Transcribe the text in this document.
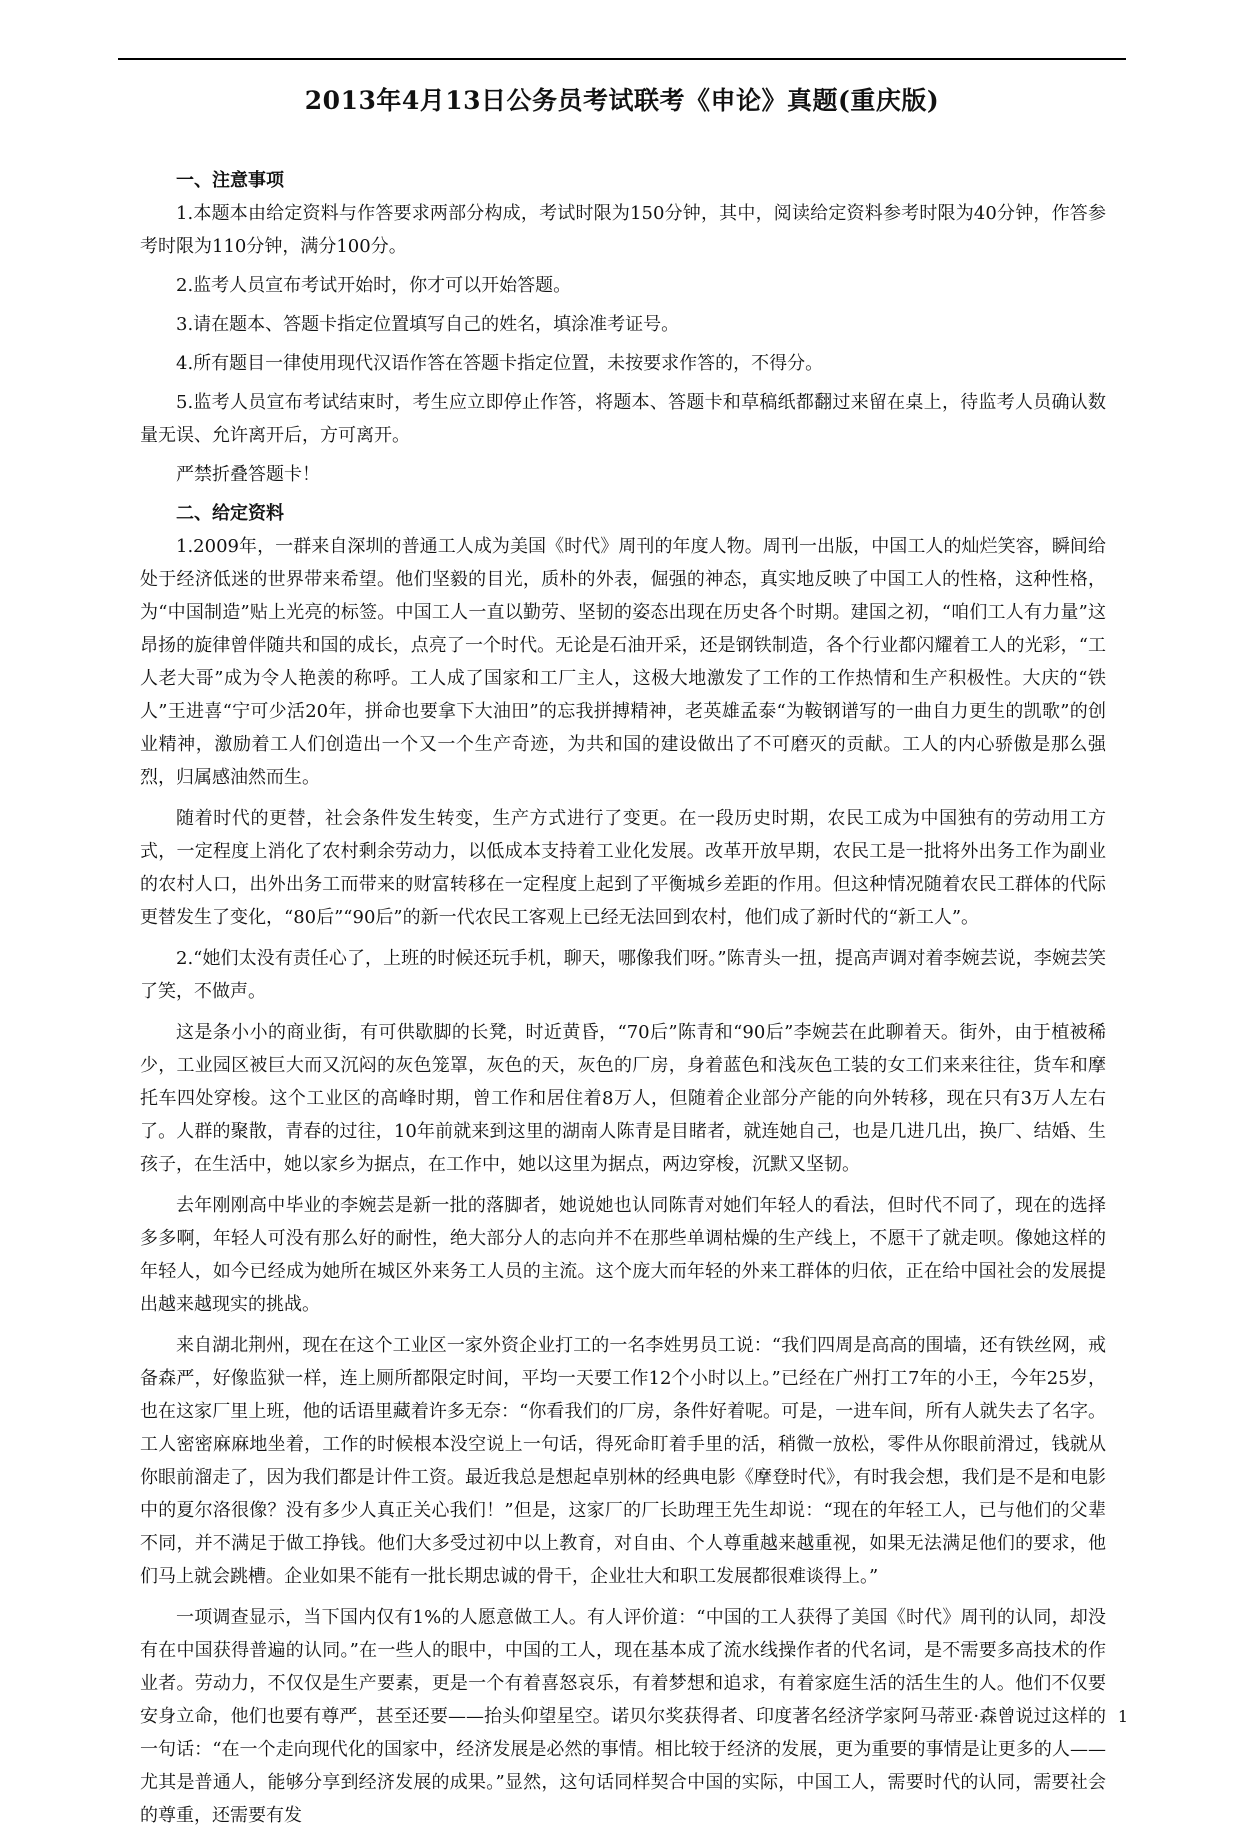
2013年4月13日公务员考试联考《申论》真题(重庆版)

一、注意事项

1.本题本由给定资料与作答要求两部分构成，考试时限为150分钟，其中，阅读给定资料参考时限为40分钟，作答参考时限为110分钟，满分100分。

2.监考人员宣布考试开始时，你才可以开始答题。

3.请在题本、答题卡指定位置填写自己的姓名，填涂准考证号。

4.所有题目一律使用现代汉语作答在答题卡指定位置，未按要求作答的，不得分。

5.监考人员宣布考试结束时，考生应立即停止作答，将题本、答题卡和草稿纸都翻过来留在桌上，待监考人员确认数量无误、允许离开后，方可离开。

严禁折叠答题卡！

二、给定资料

1.2009年，一群来自深圳的普通工人成为美国《时代》周刊的年度人物。周刊一出版，中国工人的灿烂笑容，瞬间给处于经济低迷的世界带来希望。他们坚毅的目光，质朴的外表，倔强的神态，真实地反映了中国工人的性格，这种性格，为“中国制造”贴上光亮的标签。中国工人一直以勤劳、坚韧的姿态出现在历史各个时期。建国之初，“咱们工人有力量”这昂扬的旋律曾伴随共和国的成长，点亮了一个时代。无论是石油开采，还是钢铁制造，各个行业都闪耀着工人的光彩，“工人老大哥”成为令人艳羡的称呼。工人成了国家和工厂主人，这极大地激发了工作的工作热情和生产积极性。大庆的“铁人”王进喜“宁可少活20年，拼命也要拿下大油田”的忘我拼搏精神，老英雄孟泰“为鞍钢谱写的一曲自力更生的凯歌”的创业精神，激励着工人们创造出一个又一个生产奇迹，为共和国的建设做出了不可磨灭的贡献。工人的内心骄傲是那么强烈，归属感油然而生。

随着时代的更替，社会条件发生转变，生产方式进行了变更。在一段历史时期，农民工成为中国独有的劳动用工方式，一定程度上消化了农村剩余劳动力，以低成本支持着工业化发展。改革开放早期，农民工是一批将外出务工作为副业的农村人口，出外出务工而带来的财富转移在一定程度上起到了平衡城乡差距的作用。但这种情况随着农民工群体的代际更替发生了变化，“80后”“90后”的新一代农民工客观上已经无法回到农村，他们成了新时代的“新工人”。

2.“她们太没有责任心了，上班的时候还玩手机，聊天，哪像我们呀。”陈青头一扭，提高声调对着李婉芸说，李婉芸笑了笑，不做声。

这是条小小的商业街，有可供歇脚的长凳，时近黄昏，“70后”陈青和“90后”李婉芸在此聊着天。街外，由于植被稀少，工业园区被巨大而又沉闷的灰色笼罩，灰色的天，灰色的厂房，身着蓝色和浅灰色工装的女工们来来往往，货车和摩托车四处穿梭。这个工业区的高峰时期，曾工作和居住着8万人，但随着企业部分产能的向外转移，现在只有3万人左右了。人群的聚散，青春的过往，10年前就来到这里的湖南人陈青是目睹者，就连她自己，也是几进几出，换厂、结婚、生孩子，在生活中，她以家乡为据点，在工作中，她以这里为据点，两边穿梭，沉默又坚韧。

去年刚刚高中毕业的李婉芸是新一批的落脚者，她说她也认同陈青对她们年轻人的看法，但时代不同了，现在的选择多多啊，年轻人可没有那么好的耐性，绝大部分人的志向并不在那些单调枯燥的生产线上，不愿干了就走呗。像她这样的年轻人，如今已经成为她所在城区外来务工人员的主流。这个庞大而年轻的外来工群体的归依，正在给中国社会的发展提出越来越现实的挑战。

来自湖北荆州，现在在这个工业区一家外资企业打工的一名李姓男员工说：“我们四周是高高的围墙，还有铁丝网，戒备森严，好像监狱一样，连上厕所都限定时间，平均一天要工作12个小时以上。”已经在广州打工7年的小王，今年25岁，也在这家厂里上班，他的话语里藏着许多无奈：“你看我们的厂房，条件好着呢。可是，一进车间，所有人就失去了名字。工人密密麻麻地坐着，工作的时候根本没空说上一句话，得死命盯着手里的活，稍微一放松，零件从你眼前滑过，钱就从你眼前溜走了，因为我们都是计件工资。最近我总是想起卓别林的经典电影《摩登时代》，有时我会想，我们是不是和电影中的夏尔洛很像？没有多少人真正关心我们！”但是，这家厂的厂长助理王先生却说：“现在的年轻工人，已与他们的父辈不同，并不满足于做工挣钱。他们大多受过初中以上教育，对自由、个人尊重越来越重视，如果无法满足他们的要求，他们马上就会跳槽。企业如果不能有一批长期忠诚的骨干，企业壮大和职工发展都很难谈得上。”

一项调查显示，当下国内仅有1%的人愿意做工人。有人评价道：“中国的工人获得了美国《时代》周刊的认同，却没有在中国获得普遍的认同。”在一些人的眼中，中国的工人，现在基本成了流水线操作者的代名词，是不需要多高技术的作业者。劳动力，不仅仅是生产要素，更是一个有着喜怒哀乐，有着梦想和追求，有着家庭生活的活生生的人。他们不仅要安身立命，他们也要有尊严，甚至还要——抬头仰望星空。诺贝尔奖获得者、印度著名经济学家阿马蒂亚·森曾说过这样的一句话：“在一个走向现代化的国家中，经济发展是必然的事情。相比较于经济的发展，更为重要的事情是让更多的人——尤其是普通人，能够分享到经济发展的成果。”显然，这句话同样契合中国的实际，中国工人，需要时代的认同，需要社会的尊重，还需要有发

1
